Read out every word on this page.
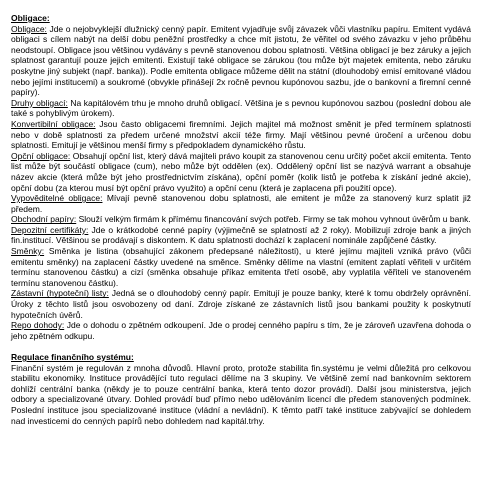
Obligace:

Obligace: Jde o nejobvyklejší dlužnický cenný papír. Emitent vyjadřuje svůj závazek vůči vlastníku papíru. Emitent vydává obligaci s cílem nabýt na delší dobu peněžní prostředky a chce mít jistotu, že věřitel od svého závazku v jeho průběhu neodstoupí. Obligace jsou většinou vydávány s pevně stanovenou dobou splatnosti. Většina obligací je bez záruky a jejich splatnost garantují pouze jejich emitenti. Existují také obligace se zárukou (tou může být majetek emitenta, nebo záruku poskytne jiný subjekt (např. banka)). Podle emitenta obligace můžeme dělit na státní (dlouhodobý emisí emitované vládou nebo jejími institucemi) a soukromé (obvykle přinášejí 2x ročně pevnou kupónovou sazbu, jde o bankovní a firemní cenné papíry).

Druhy obligací: Na kapitálovém trhu je mnoho druhů obligací. Většina je s pevnou kupónovou sazbou (poslední dobou ale také s pohyblivým úrokem).

Konvertibilní obligace: Jsou často obligacemi firemními. Jejich majitel má možnost směnit je před termínem splatnosti nebo v době splatnosti za předem určené množství akcií téže firmy. Mají většinou pevné úročení a určenou dobu splatnosti. Emitují je většinou menší firmy s předpokladem dynamického růstu.

Opční obligace: Obsahují opční list, který dává majiteli právo koupit za stanovenou cenu určitý počet akcií emitenta. Tento list může být součástí obligace (cum), nebo může být oddělen (ex). Oddělený opční list se nazývá warrant a obsahuje název akcie (která může být jeho prostřednictvím získána), opční poměr (kolik listů je potřeba k získání jedné akcie), opční dobu (za kterou musí být opční právo využito) a opční cenu (která je zaplacena při použití opce).

Vypověditelné obligace: Mívají pevně stanovenou dobu splatnosti, ale emitent je může za stanovený kurz splatit již předem.

Obchodní papíry: Slouží velkým firmám k přímému financování svých potřeb. Firmy se tak mohou vyhnout úvěrům u bank.

Depozitní certifikáty: Jde o krátkodobé cenné papíry (výjimečně se splatností až 2 roky). Mobilizují zdroje bank a jiných fin.institucí. Většinou se prodávají s diskontem. K datu splatnosti dochází k zaplacení nominále zapůjčené částky.

Směnky: Směnka je listina (obsahující zákonem předepsané náležitosti), u které jejímu majiteli vzniká právo (vůči emitentu směnky) na zaplacení částky uvedené na směnce. Směnky dělíme na vlastní (emitent zaplatí věřiteli v určitém termínu stanovenou částku) a cizí (směnka obsahuje příkaz emitenta třetí osobě, aby vyplatila věřiteli ve stanoveném termínu stanovenou částku).

Zástavní (hypoteční) listy: Jedná se o dlouhodobý cenný papír. Emitují je pouze banky, které k tomu obdržely oprávnění. Úroky z těchto listů jsou osvobozeny od daní. Zdroje získané ze zástavních listů jsou bankami použity k poskytnutí hypotečních úvěrů.

Repo dohody: Jde o dohodu o zpětném odkoupení. Jde o prodej cenného papíru s tím, že je zároveň uzavřena dohoda o jeho zpětném odkupu.

Regulace finančního systému:

Finanční systém je regulován z mnoha důvodů. Hlavní proto, protože stabilita fin.systému je velmi důležitá pro celkovou stabilitu ekonomiky. Instituce provádějící tuto regulaci dělíme na 3 skupiny. Ve většině zemí nad bankovním sektorem dohlíží centrální banka (někdy je to pouze centrální banka, která tento dozor provádí). Další jsou ministerstva, jejich odbory a specializované útvary. Dohled provádí buď přímo nebo udělováním licencí dle předem stanovených podmínek. Poslední instituce jsou specializované instituce (vládní a nevládní). K těmto patří také instituce zabývající se dohledem nad investicemi do cenných papírů nebo dohledem nad kapitál.trhy.
